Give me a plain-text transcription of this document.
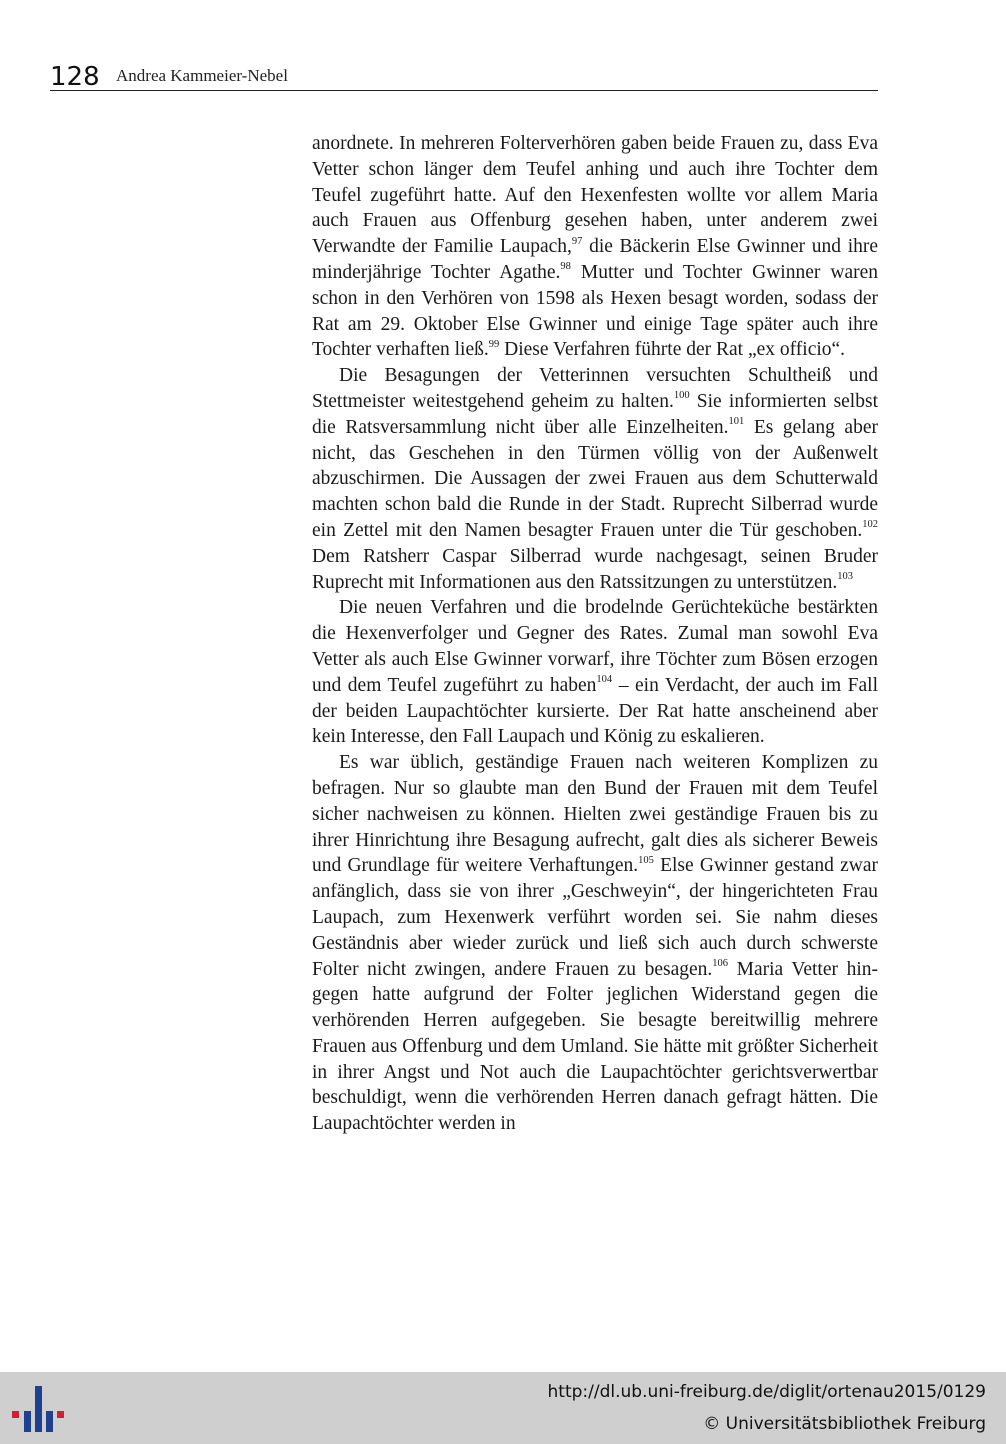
128 Andrea Kammeier-Nebel

anordnete. In mehreren Folterverhören gaben beide Frauen zu, dass Eva Vetter schon länger dem Teufel anhing und auch ihre Tochter dem Teufel zugeführt hatte. Auf den Hexenfesten wollte vor allem Maria auch Frauen aus Offenburg gesehen haben, unter anderem zwei Verwandte der Familie Laupach,$^{97}$ die Bäckerin Else Gwinner und ihre minderjährige Tochter Agathe.$^{98}$ Mutter und Tochter Gwinner waren schon in den Verhören von 1598 als Hexen besagt worden, sodass der Rat am 29. Oktober Else Gwinner und einige Tage später auch ihre Tochter verhaften ließ.$^{99}$ Diese Verfahren führte der Rat „ex officio“.

Die Besagungen der Vetterinnen versuchten Schultheiß und Stettmeister weitestgehend geheim zu halten.$^{100}$ Sie informierten selbst die Ratsversammlung nicht über alle Einzelheiten.$^{101}$ Es gelang aber nicht, das Geschehen in den Türmen völlig von der Außenwelt abzuschirmen. Die Aussagen der zwei Frauen aus dem Schutterwald machten schon bald die Runde in der Stadt. Ruprecht Silberrad wurde ein Zettel mit den Namen besagter Frauen unter die Tür geschoben.$^{102}$ Dem Ratsherr Caspar Silberrad wurde nachgesagt, seinen Bruder Ruprecht mit Informationen aus den Ratssitzungen zu unterstützen.$^{103}$

Die neuen Verfahren und die brodelnde Gerüchteküche bestärkten die Hexenverfolger und Gegner des Rates. Zumal man sowohl Eva Vetter als auch Else Gwinner vorwarf, ihre Töchter zum Bösen erzogen und dem Teufel zugeführt zu haben$^{104}$ – ein Verdacht, der auch im Fall der beiden Laupachtöchter kursierte. Der Rat hatte anscheinend aber kein Interesse, den Fall Laupach und König zu eskalieren.

Es war üblich, geständige Frauen nach weiteren Komplizen zu befragen. Nur so glaubte man den Bund der Frauen mit dem Teufel sicher nachweisen zu können. Hielten zwei geständige Frauen bis zu ihrer Hinrichtung ihre Besagung aufrecht, galt dies als sicherer Beweis und Grundlage für weitere Verhaftungen.$^{105}$ Else Gwinner gestand zwar anfänglich, dass sie von ihrer „Geschweyin“, der hingerichteten Frau Laupach, zum Hexenwerk verführt worden sei. Sie nahm dieses Geständnis aber wieder zurück und ließ sich auch durch schwerste Folter nicht zwingen, andere Frauen zu besagen.$^{106}$ Maria Vetter hingegen hatte aufgrund der Folter jeglichen Widerstand gegen die verhörenden Herren aufgegeben. Sie besagte bereitwillig mehrere Frauen aus Offenburg und dem Umland. Sie hätte mit größter Sicherheit in ihrer Angst und Not auch die Laupachtöchter gerichtsverwertbar beschuldigt, wenn die verhörenden Herren danach gefragt hätten. Die Laupachtöchter werden in

http://dl.ub.uni-freiburg.de/diglit/ortenau2015/0129
© Universitätsbibliothek Freiburg
